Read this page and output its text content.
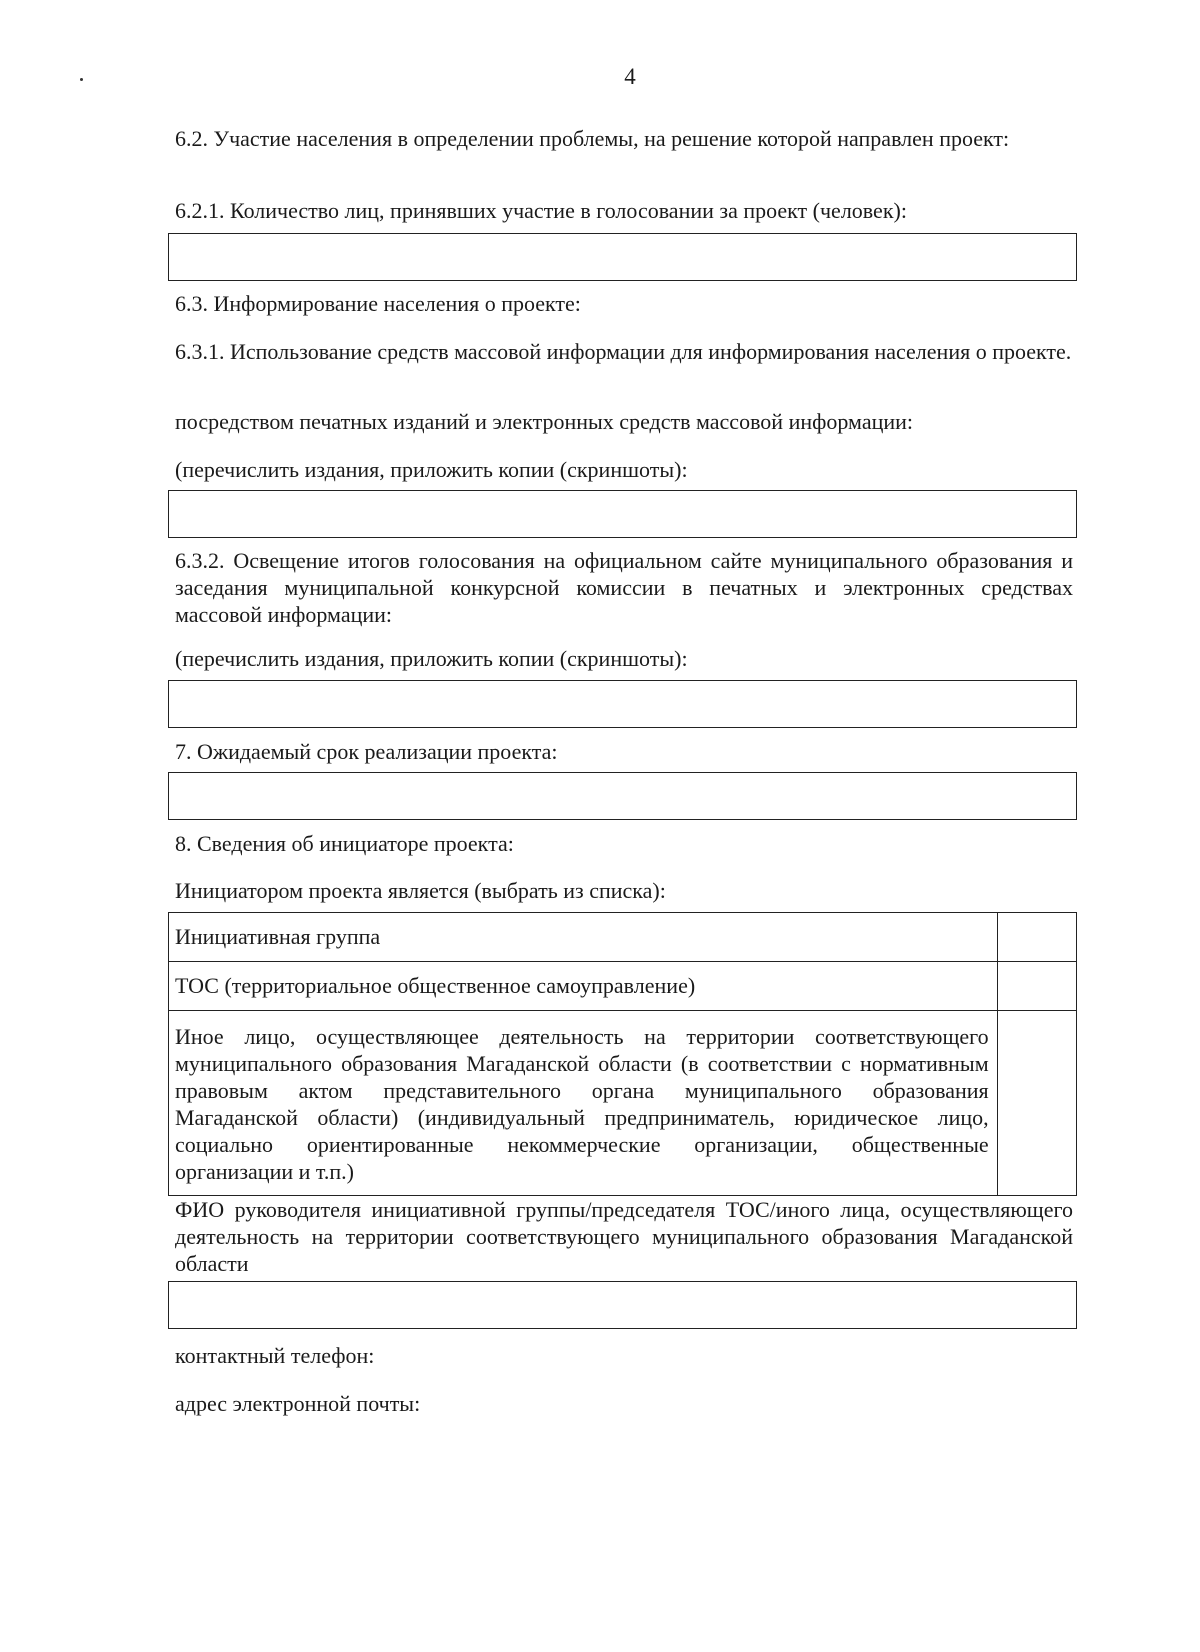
4

6.2. Участие населения в определении проблемы, на решение которой направлен проект:

6.2.1. Количество лиц, принявших участие в голосовании за проект (человек):

6.3. Информирование населения о проекте:

6.3.1. Использование средств массовой информации для информирования населения о проекте.

посредством печатных изданий и электронных средств массовой информации:

(перечислить издания, приложить копии (скриншоты):

6.3.2. Освещение итогов голосования на официальном сайте муниципального образования и заседания муниципальной конкурсной комиссии в печатных и электронных средствах массовой информации:

(перечислить издания, приложить копии (скриншоты):

7. Ожидаемый срок реализации проекта:

8. Сведения об инициаторе проекта:

Инициатором проекта является (выбрать из списка):

Инициативная группа	
ТОС (территориальное общественное самоуправление)	
Иное лицо, осуществляющее деятельность на территории соответствующего муниципального образования Магаданской области (в соответствии с нормативным правовым актом представительного органа муниципального образования Магаданской области) (индивидуальный предприниматель, юридическое лицо, социально ориентированные некоммерческие организации, общественные организации и т.п.)	

ФИО руководителя инициативной группы/председателя ТОС/иного лица, осуществляющего деятельность на территории соответствующего муниципального образования Магаданской области

контактный телефон:

адрес электронной почты:
